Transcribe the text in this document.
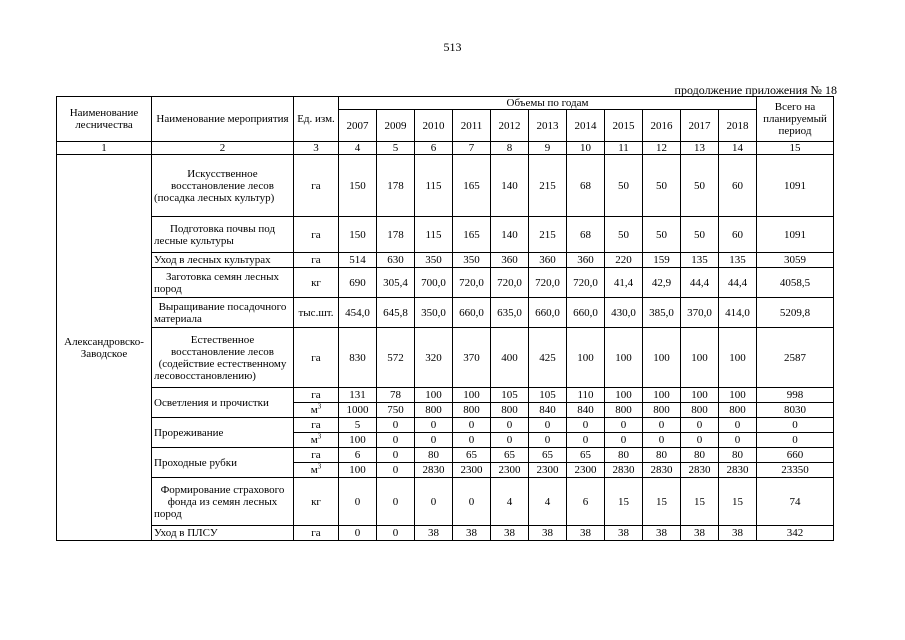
513
продолжение приложения № 18
Наименование лесничества	Наименование мероприятия	Ед. изм.	Объемы по годам											Всего на планируемый период
			2007	2009	2010	2011	2012	2013	2014	2015	2016	2017	2018	
1	2	3	4	5	6	7	8	9	10	11	12	13	14	15
Александровско-Заводское	Искусственное восстановление лесов (посадка лесных культур)	га	150	178	115	165	140	215	68	50	50	50	60	1091
	Подготовка почвы под лесные культуры	га	150	178	115	165	140	215	68	50	50	50	60	1091
	Уход в лесных культурах	га	514	630	350	350	360	360	360	220	159	135	135	3059
	Заготовка семян лесных пород	кг	690	305,4	700,0	720,0	720,0	720,0	720,0	41,4	42,9	44,4	44,4	4058,5
	Выращивание посадочного материала	тыс.шт.	454,0	645,8	350,0	660,0	635,0	660,0	660,0	430,0	385,0	370,0	414,0	5209,8
	Естественное восстановление лесов (содействие естественному лесовосстановлению)	га	830	572	320	370	400	425	100	100	100	100	100	2587
	Осветления и прочистки	га	131	78	100	100	105	105	110	100	100	100	100	998
		$м^3$	1000	750	800	800	800	840	840	800	800	800	800	8030
	Прореживание	га	5	0	0	0	0	0	0	0	0	0	0	0
		$м^3$	100	0	0	0	0	0	0	0	0	0	0	0
	Проходные рубки	га	6	0	80	65	65	65	65	80	80	80	80	660
		$м^3$	100	0	2830	2300	2300	2300	2300	2830	2830	2830	2830	23350
	Формирование страхового фонда из семян лесных пород	кг	0	0	0	0	4	4	6	15	15	15	15	74
	Уход в ПЛСУ	га	0	0	38	38	38	38	38	38	38	38	38	342
